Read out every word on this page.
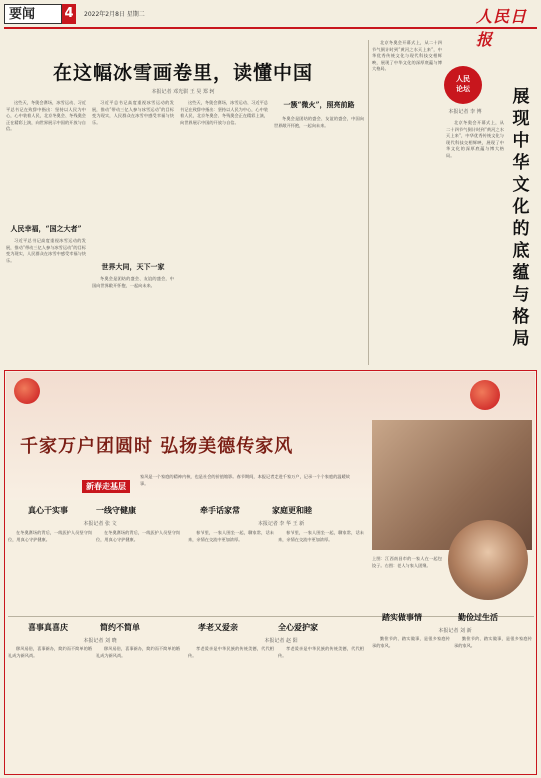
要闻	4	2022年2月8日 星期二	人民日报
在这幅冰雪画卷里，读懂中国
本报记者 邓光骐 王 昊 郑 轲
这些天，冬奥会赛场，冰雪运动、习近平总书记在致辞中指出：坚持以人民为中心，心中装着人民，北京冬奥会、冬残奥会正在精彩上演，向世界展示中国的开放与自信。
人民幸福，“国之大者”
习近平总书记高度重视冰雪运动的发展，推动“带动三亿人参与冰雪运动”的目标变为现实，人民群众在冰雪中感受幸福与快乐。
习近平总书记高度重视冰雪运动的发展，推动“带动三亿人参与冰雪运动”的目标变为现实，人民群众在冰雪中感受幸福与快乐。
世界大同，天下一家
冬奥会是团结的盛会、友谊的盛会，中国向世界敞开怀抱，一起向未来。
这些天，冬奥会赛场，冰雪运动、习近平总书记在致辞中指出：坚持以人民为中心，心中装着人民，北京冬奥会、冬残奥会正在精彩上演，向世界展示中国的开放与自信。
一簇“微火”，照亮前路
冬奥会是团结的盛会、友谊的盛会，中国向世界敞开怀抱，一起向未来。
人民
论坛
本报记者 李 博
展现中华文化的底蕴与格局
北京冬奥会开幕式上，从二十四节气倒计时到“黄河之水天上来”，中华优秀传统文化与现代科技交相辉映，展现了中华文化的深厚底蕴与博大格局。
北京冬奥会开幕式上，从二十四节气倒计时到“黄河之水天上来”，中华优秀传统文化与现代科技交相辉映，展现了中华文化的深厚底蕴与博大格局。
千家万户团圆时 弘扬美德传家风
新春走基层
家风是一个家庭的精神内核，也是社会的价值缩影。春节期间，本报记者走进千家万户，记录一个个家庭的温暖故事。
上图：江西南昌市的一家人在一起包饺子。右图：老人与家人团聚。
真心干实事	一线守健康
本报记者 张 文
在冬奥赛场的背后，一线医护人员坚守岗位，用真心守护健康。
在冬奥赛场的背后，一线医护人员坚守岗位，用真心守护健康。
牵手话家常	家庭更和睦
本报记者 李 华 王 新
春节里，一家人围坐一起，聊家常，话未来，亲情在交流中更加浓厚。
春节里，一家人围坐一起，聊家常，话未来，亲情在交流中更加浓厚。
喜事真喜庆	简约不简单
本报记者 刘 晓
移风易俗，喜事新办，简约而不简单的婚礼成为新风尚。
移风易俗，喜事新办，简约而不简单的婚礼成为新风尚。
孝老又爱亲	全心爱护家
本报记者 赵 阳
孝老爱亲是中华民族的传统美德，代代相传。
孝老爱亲是中华民族的传统美德，代代相传。
踏实做事情	勤俭过生活
本报记者 刘 新
勤俭节约、踏实做事，是很多家庭传承的家风。
勤俭节约、踏实做事，是很多家庭传承的家风。
